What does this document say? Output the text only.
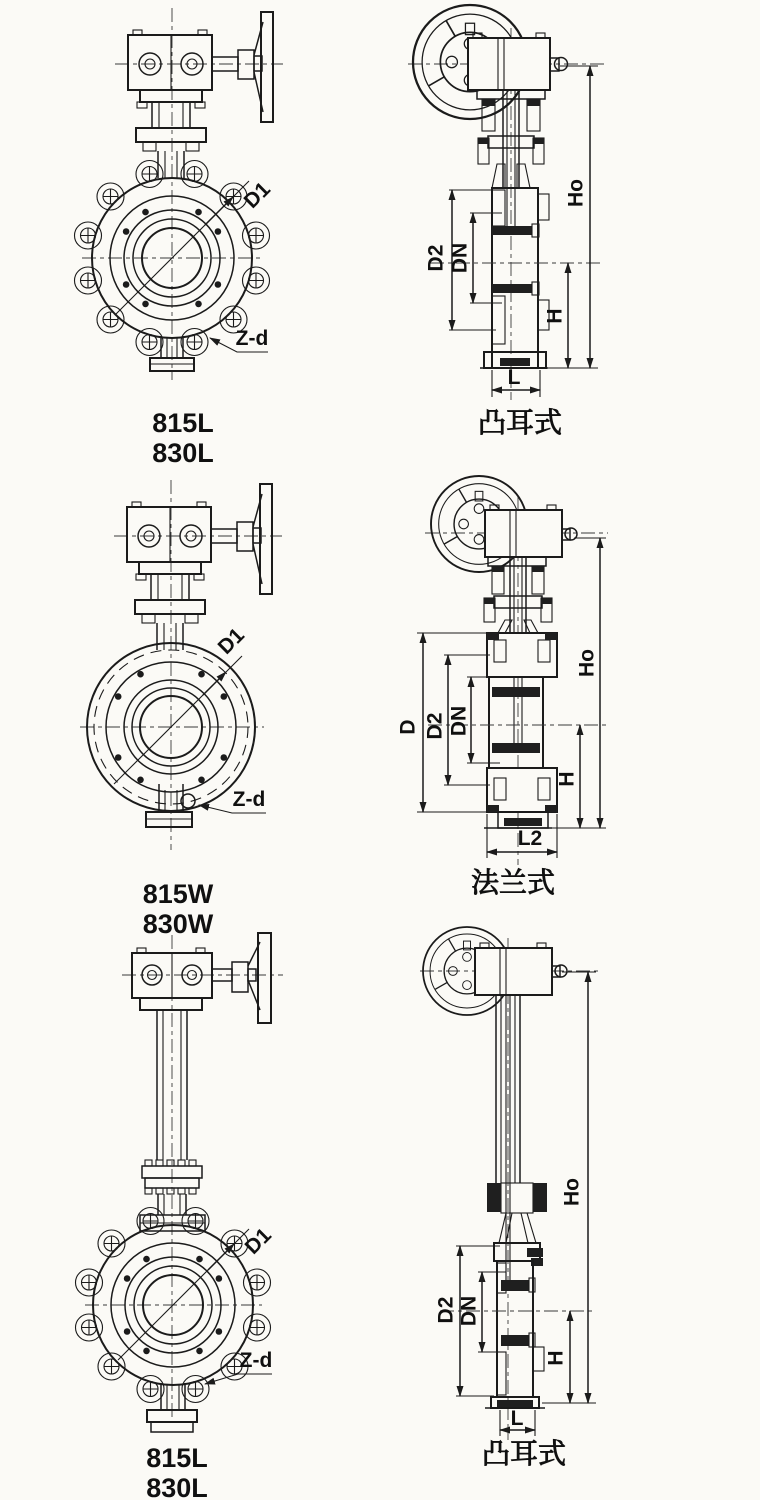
D1
Z-d
815L
830L
D2 DN
Ho
H
L
凸耳式
D1
Z-d
815W
830W
D D2 DN
Ho
H
L2
法兰式
D1
Z-d
815L
830L
D2 DN
Ho
H
L
凸耳式
